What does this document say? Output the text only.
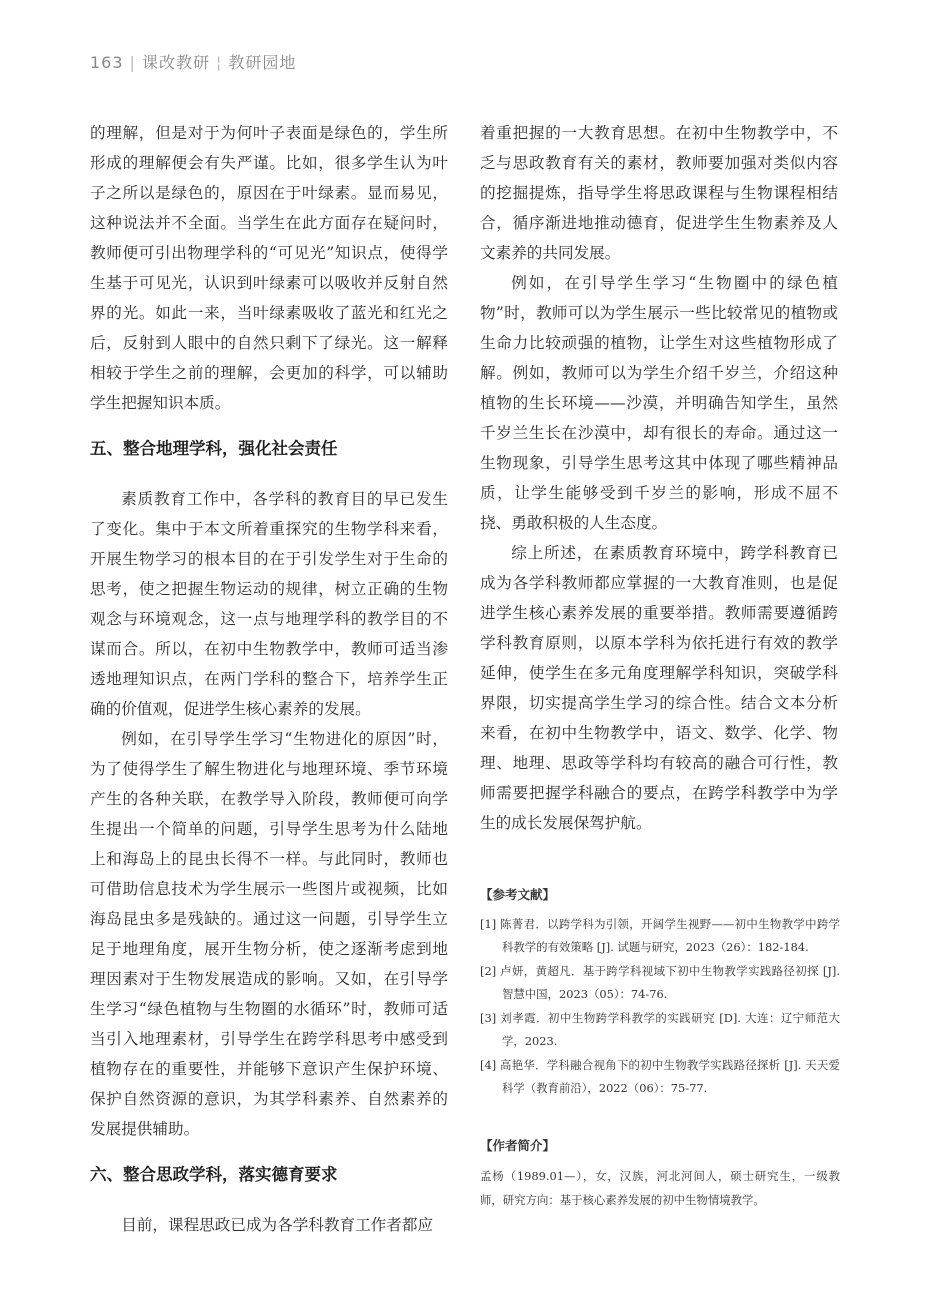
163 | 课改教研 ¦ 教研园地

的理解，但是对于为何叶子表面是绿色的，学生所形成的理解便会有失严谨。比如，很多学生认为叶子之所以是绿色的，原因在于叶绿素。显而易见，这种说法并不全面。当学生在此方面存在疑问时，教师便可引出物理学科的“可见光”知识点，使得学生基于可见光，认识到叶绿素可以吸收并反射自然界的光。如此一来，当叶绿素吸收了蓝光和红光之后，反射到人眼中的自然只剩下了绿光。这一解释相较于学生之前的理解，会更加的科学，可以辅助学生把握知识本质。

五、整合地理学科，强化社会责任

素质教育工作中，各学科的教育目的早已发生了变化。集中于本文所着重探究的生物学科来看，开展生物学习的根本目的在于引发学生对于生命的思考，使之把握生物运动的规律，树立正确的生物观念与环境观念，这一点与地理学科的教学目的不谋而合。所以，在初中生物教学中，教师可适当渗透地理知识点，在两门学科的整合下，培养学生正确的价值观，促进学生核心素养的发展。

例如，在引导学生学习“生物进化的原因”时，为了使得学生了解生物进化与地理环境、季节环境产生的各种关联，在教学导入阶段，教师便可向学生提出一个简单的问题，引导学生思考为什么陆地上和海岛上的昆虫长得不一样。与此同时，教师也可借助信息技术为学生展示一些图片或视频，比如海岛昆虫多是残缺的。通过这一问题，引导学生立足于地理角度，展开生物分析，使之逐渐考虑到地理因素对于生物发展造成的影响。又如，在引导学生学习“绿色植物与生物圈的水循环”时，教师可适当引入地理素材，引导学生在跨学科思考中感受到植物存在的重要性，并能够下意识产生保护环境、保护自然资源的意识，为其学科素养、自然素养的发展提供辅助。

六、整合思政学科，落实德育要求

目前，课程思政已成为各学科教育工作者都应

着重把握的一大教育思想。在初中生物教学中，不乏与思政教育有关的素材，教师要加强对类似内容的挖掘提炼，指导学生将思政课程与生物课程相结合，循序渐进地推动德育，促进学生生物素养及人文素养的共同发展。

例如，在引导学生学习“生物圈中的绿色植物”时，教师可以为学生展示一些比较常见的植物或生命力比较顽强的植物，让学生对这些植物形成了解。例如，教师可以为学生介绍千岁兰，介绍这种植物的生长环境——沙漠，并明确告知学生，虽然千岁兰生长在沙漠中，却有很长的寿命。通过这一生物现象，引导学生思考这其中体现了哪些精神品质，让学生能够受到千岁兰的影响，形成不屈不挠、勇敢积极的人生态度。

综上所述，在素质教育环境中，跨学科教育已成为各学科教师都应掌握的一大教育准则，也是促进学生核心素养发展的重要举措。教师需要遵循跨学科教育原则，以原本学科为依托进行有效的教学延伸，使学生在多元角度理解学科知识，突破学科界限，切实提高学生学习的综合性。结合文本分析来看，在初中生物教学中，语文、数学、化学、物理、地理、思政等学科均有较高的融合可行性，教师需要把握学科融合的要点，在跨学科教学中为学生的成长发展保驾护航。

【参考文献】

[1] 陈菁君．以跨学科为引领，开阔学生视野——初中生物教学中跨学科教学的有效策略 [J]. 试题与研究，2023（26）：182-184.

[2] 卢妍，黄超凡．基于跨学科视域下初中生物教学实践路径初探 [J]. 智慧中国，2023（05）：74-76.

[3] 刘孝霞．初中生物跨学科教学的实践研究 [D]. 大连：辽宁师范大学，2023.

[4] 高艳华．学科融合视角下的初中生物教学实践路径探析 [J]. 天天爱科学（教育前沿），2022（06）：75-77.

【作者简介】

孟杨（1989.01—），女，汉族，河北河间人，硕士研究生，一级教师，研究方向：基于核心素养发展的初中生物情境教学。
